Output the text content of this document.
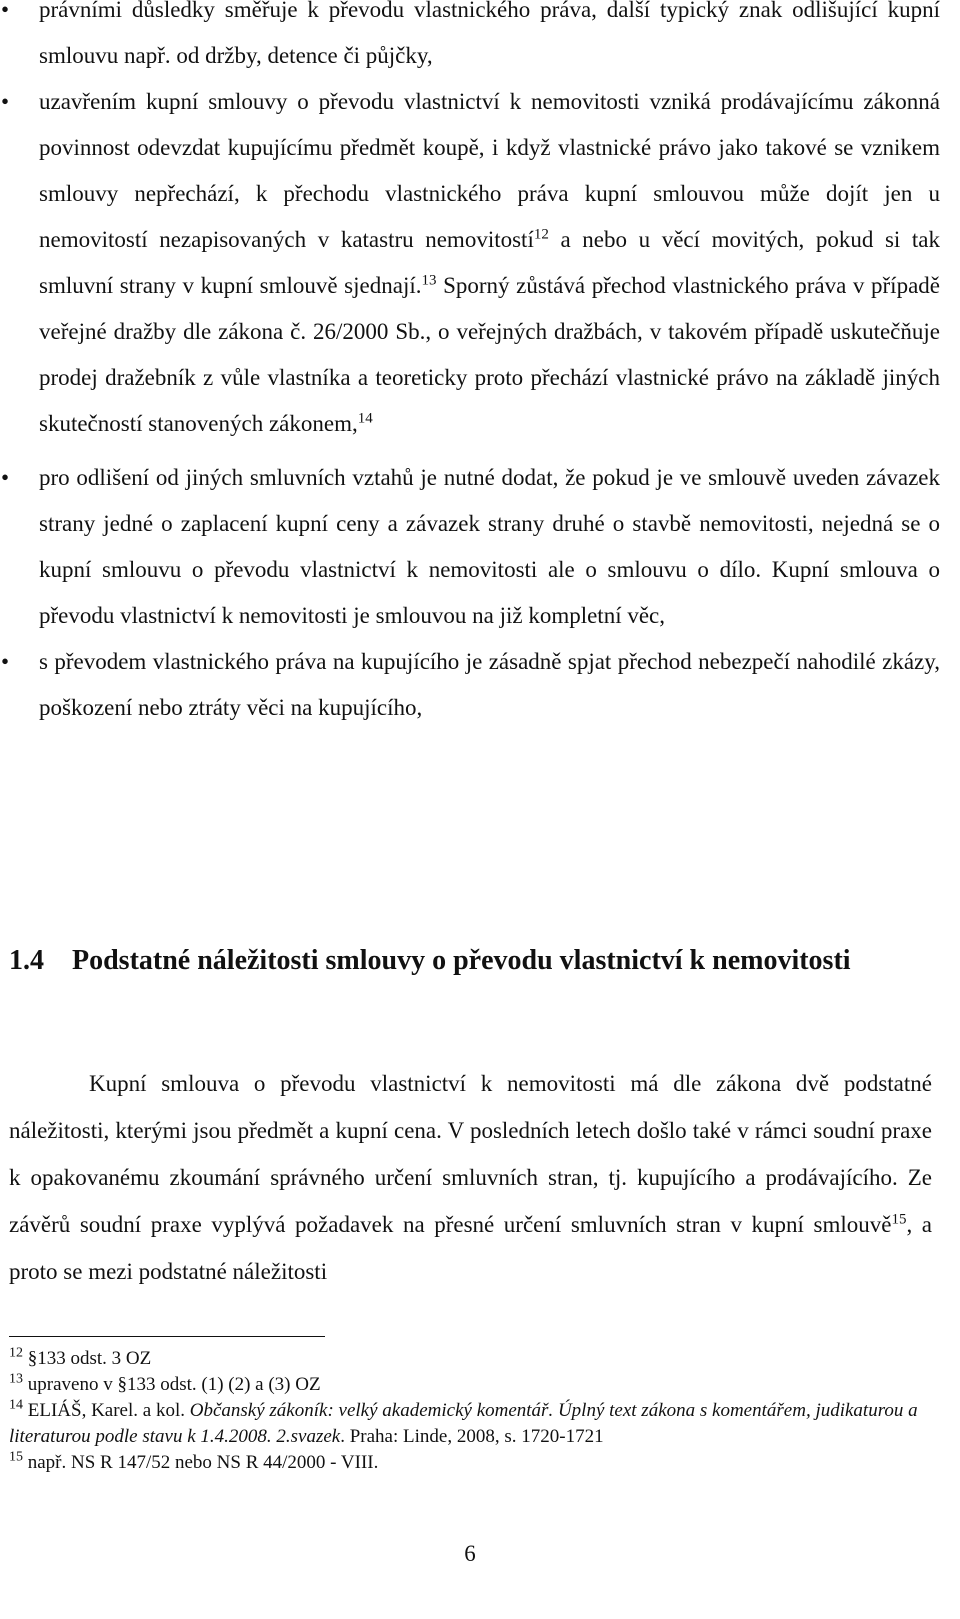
• právními důsledky směřuje k převodu vlastnického práva, další typický znak odlišující kupní smlouvu např. od držby, detence či půjčky,

• uzavřením kupní smlouvy o převodu vlastnictví k nemovitosti vzniká prodávajícímu zákonná povinnost odevzdat kupujícímu předmět koupě, i když vlastnické právo jako takové se vznikem smlouvy nepřechází, k přechodu vlastnického práva kupní smlouvou může dojít jen u nemovitostí nezapisovaných v katastru nemovitostí$^{12}$ a nebo u věcí movitých, pokud si tak smluvní strany v kupní smlouvě sjednají.$^{13}$ Sporný zůstává přechod vlastnického práva v případě veřejné dražby dle zákona č. 26/2000 Sb., o veřejných dražbách, v takovém případě uskutečňuje prodej dražebník z vůle vlastníka a teoreticky proto přechází vlastnické právo na základě jiných skutečností stanovených zákonem,$^{14}$

• pro odlišení od jiných smluvních vztahů je nutné dodat, že pokud je ve smlouvě uveden závazek strany jedné o zaplacení kupní ceny a závazek strany druhé o stavbě nemovitosti, nejedná se o kupní smlouvu o převodu vlastnictví k nemovitosti ale o smlouvu o dílo. Kupní smlouva o převodu vlastnictví k nemovitosti je smlouvou na již kompletní věc,

• s převodem vlastnického práva na kupujícího je zásadně spjat přechod nebezpečí nahodilé zkázy, poškození nebo ztráty věci na kupujícího,

1.4 Podstatné náležitosti smlouvy o převodu vlastnictví k nemovitosti

Kupní smlouva o převodu vlastnictví k nemovitosti má dle zákona dvě podstatné náležitosti, kterými jsou předmět a kupní cena. V posledních letech došlo také v rámci soudní praxe k opakovanému zkoumání správného určení smluvních stran, tj. kupujícího a prodávajícího. Ze závěrů soudní praxe vyplývá požadavek na přesné určení smluvních stran v kupní smlouvě$^{15}$, a proto se mezi podstatné náležitosti

$^{12}$ §133 odst. 3 OZ

$^{13}$ upraveno v §133 odst. (1) (2) a (3) OZ

$^{14}$ ELIÁŠ, Karel. a kol. Občanský zákoník: velký akademický komentář. Úplný text zákona s komentářem, judikaturou a literaturou podle stavu k 1.4.2008. 2.svazek. Praha: Linde, 2008, s. 1720-1721

$^{15}$ např. NS R 147/52 nebo NS R 44/2000 - VIII.

6
